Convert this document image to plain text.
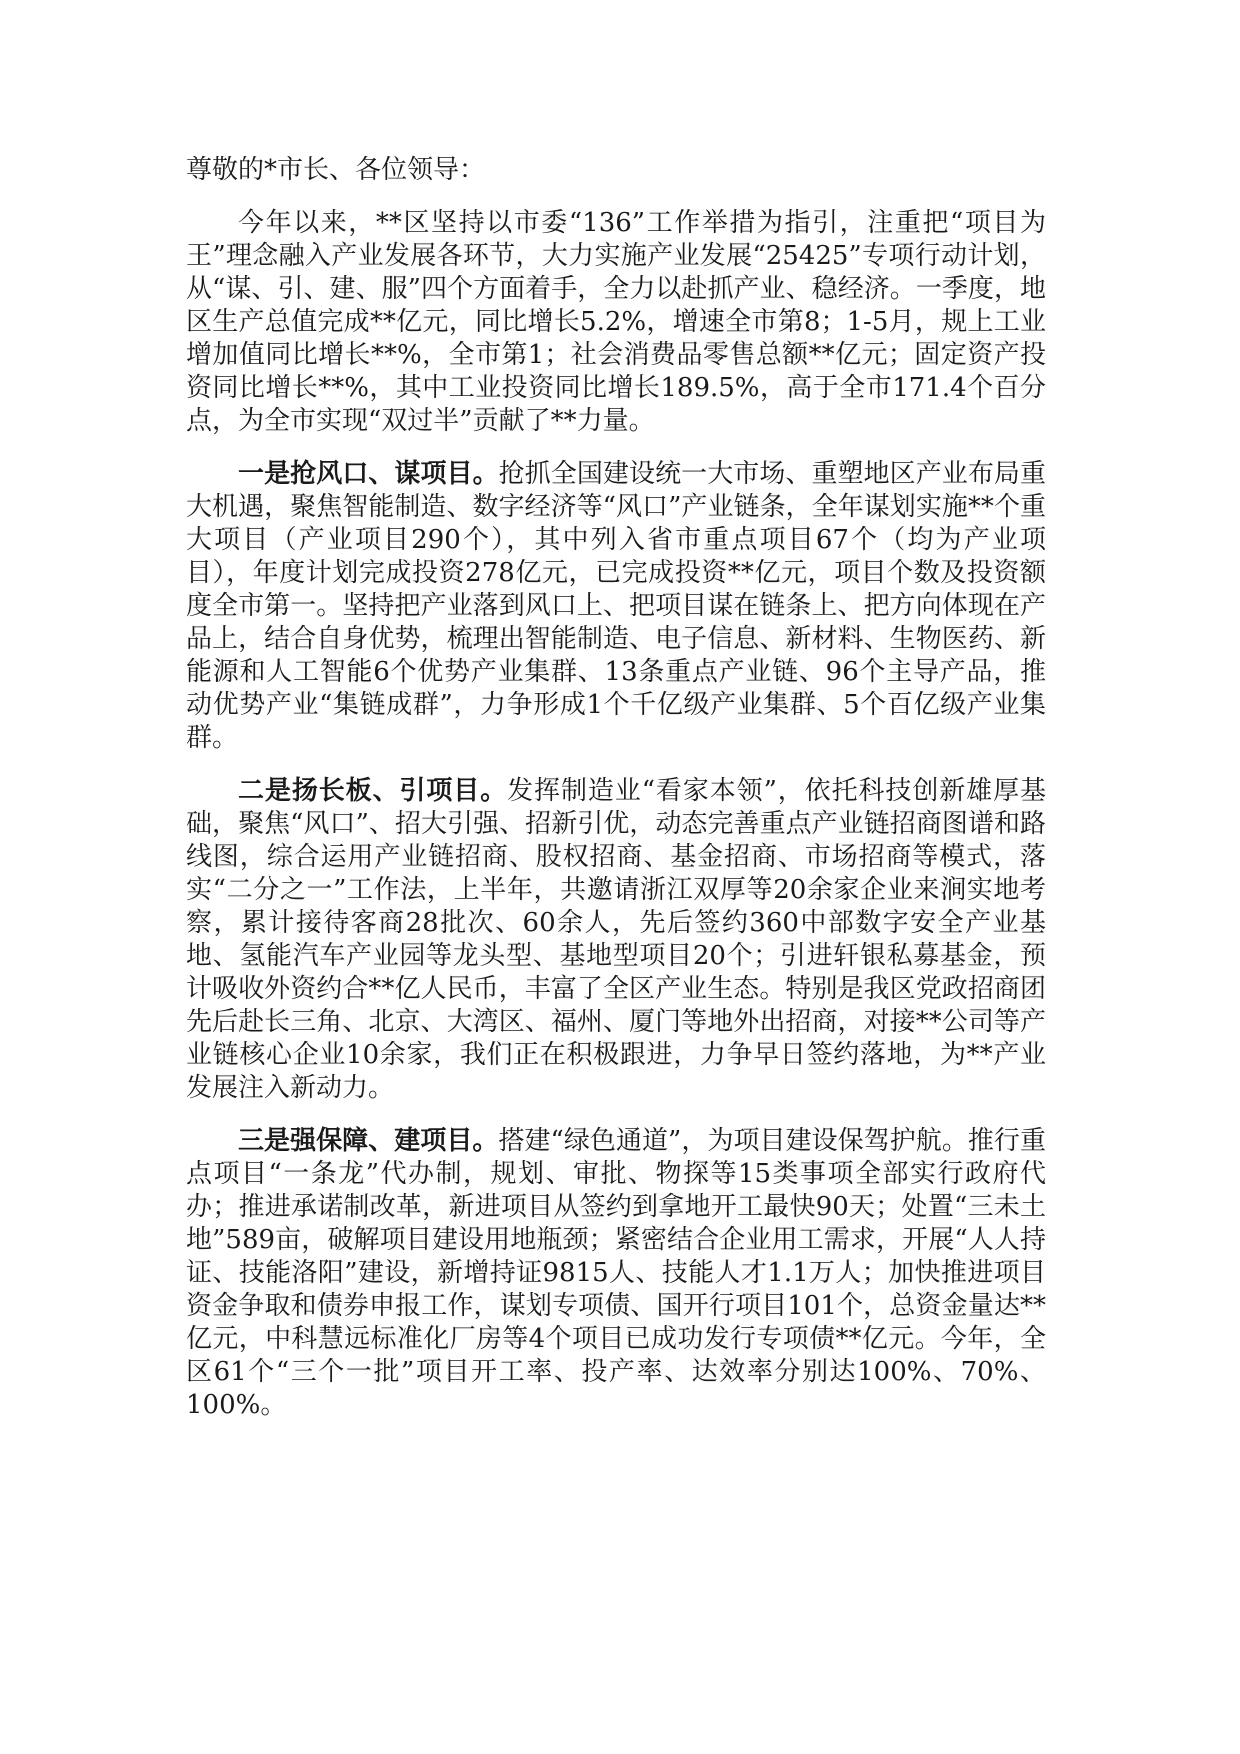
尊敬的*市长、各位领导：

今年以来，**区坚持以市委“136”工作举措为指引，注重把“项目为王”理念融入产业发展各环节，大力实施产业发展“25425”专项行动计划，从“谋、引、建、服”四个方面着手，全力以赴抓产业、稳经济。一季度，地区生产总值完成**亿元，同比增长5.2%，增速全市第8；1-5月，规上工业增加值同比增长**%，全市第1；社会消费品零售总额**亿元；固定资产投资同比增长**%，其中工业投资同比增长189.5%，高于全市171.4个百分点，为全市实现“双过半”贡献了**力量。

一是抢风口、谋项目。抢抓全国建设统一大市场、重塑地区产业布局重大机遇，聚焦智能制造、数字经济等“风口”产业链条，全年谋划实施**个重大项目（产业项目290个），其中列入省市重点项目67个（均为产业项目），年度计划完成投资278亿元，已完成投资**亿元，项目个数及投资额度全市第一。坚持把产业落到风口上、把项目谋在链条上、把方向体现在产品上，结合自身优势，梳理出智能制造、电子信息、新材料、生物医药、新能源和人工智能6个优势产业集群、13条重点产业链、96个主导产品，推动优势产业“集链成群”，力争形成1个千亿级产业集群、5个百亿级产业集群。

二是扬长板、引项目。发挥制造业“看家本领”，依托科技创新雄厚基础，聚焦“风口”、招大引强、招新引优，动态完善重点产业链招商图谱和路线图，综合运用产业链招商、股权招商、基金招商、市场招商等模式，落实“二分之一”工作法，上半年，共邀请浙江双厚等20余家企业来涧实地考察，累计接待客商28批次、60余人，先后签约360中部数字安全产业基地、氢能汽车产业园等龙头型、基地型项目20个；引进轩银私募基金，预计吸收外资约合**亿人民币，丰富了全区产业生态。特别是我区党政招商团先后赴长三角、北京、大湾区、福州、厦门等地外出招商，对接**公司等产业链核心企业10余家，我们正在积极跟进，力争早日签约落地，为**产业发展注入新动力。

三是强保障、建项目。搭建“绿色通道”，为项目建设保驾护航。推行重点项目“一条龙”代办制，规划、审批、物探等15类事项全部实行政府代办；推进承诺制改革，新进项目从签约到拿地开工最快90天；处置“三未土地”589亩，破解项目建设用地瓶颈；紧密结合企业用工需求，开展“人人持证、技能洛阳”建设，新增持证9815人、技能人才1.1万人；加快推进项目资金争取和债券申报工作，谋划专项债、国开行项目101个，总资金量达**亿元，中科慧远标准化厂房等4个项目已成功发行专项债**亿元。今年，全区61个“三个一批”项目开工率、投产率、达效率分别达100%、70%、100%。
